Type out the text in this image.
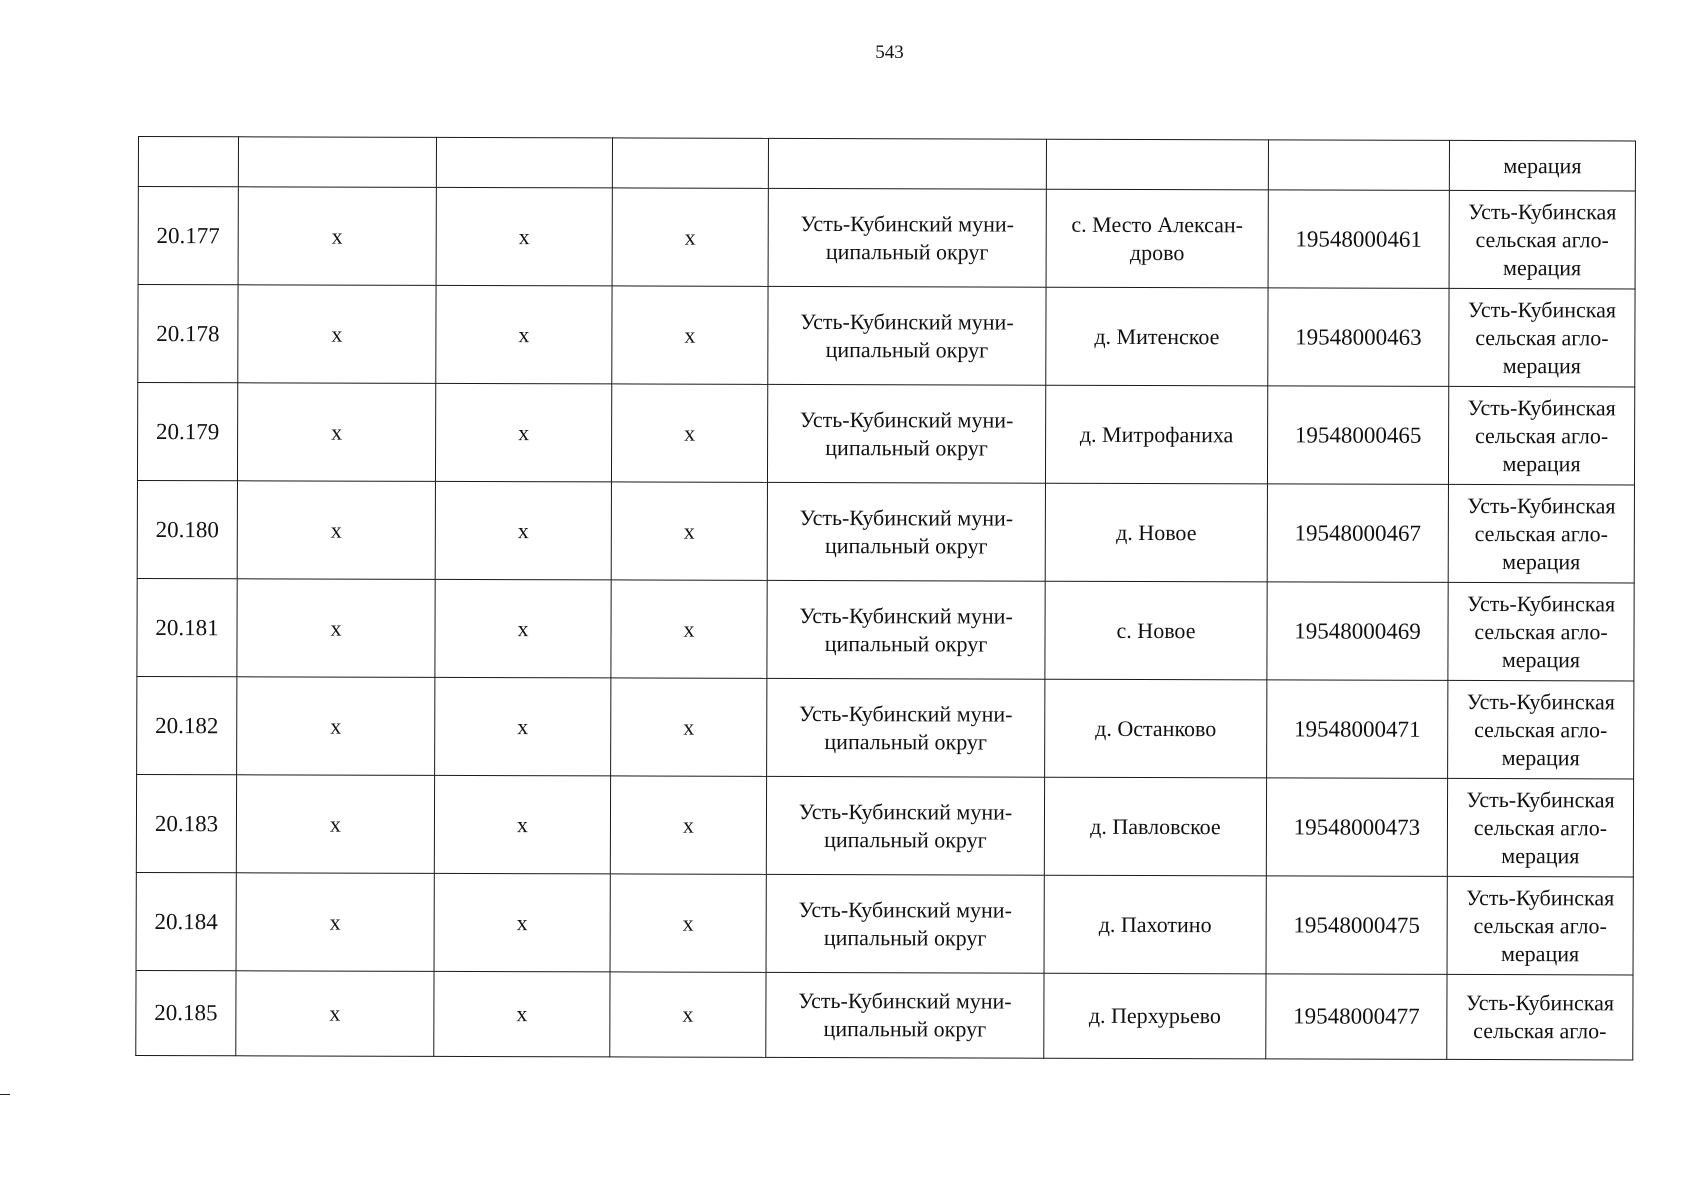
543
							мерация
20.177	х	х	х	Усть-Кубинский муни-ципальный округ	с. Место Алексан-дрово	19548000461	Усть-Кубинская сельская агло-мерация
20.178	х	х	х	Усть-Кубинский муни-ципальный округ	д. Митенское	19548000463	Усть-Кубинская сельская агло-мерация
20.179	х	х	х	Усть-Кубинский муни-ципальный округ	д. Митрофаниха	19548000465	Усть-Кубинская сельская агло-мерация
20.180	х	х	х	Усть-Кубинский муни-ципальный округ	д. Новое	19548000467	Усть-Кубинская сельская агло-мерация
20.181	х	х	х	Усть-Кубинский муни-ципальный округ	с. Новое	19548000469	Усть-Кубинская сельская агло-мерация
20.182	х	х	х	Усть-Кубинский муни-ципальный округ	д. Останково	19548000471	Усть-Кубинская сельская агло-мерация
20.183	х	х	х	Усть-Кубинский муни-ципальный округ	д. Павловское	19548000473	Усть-Кубинская сельская агло-мерация
20.184	х	х	х	Усть-Кубинский муни-ципальный округ	д. Пахотино	19548000475	Усть-Кубинская сельская агло-мерация
20.185	х	х	х	Усть-Кубинский муни-ципальный округ	д. Перхурьево	19548000477	Усть-Кубинская сельская агло-
